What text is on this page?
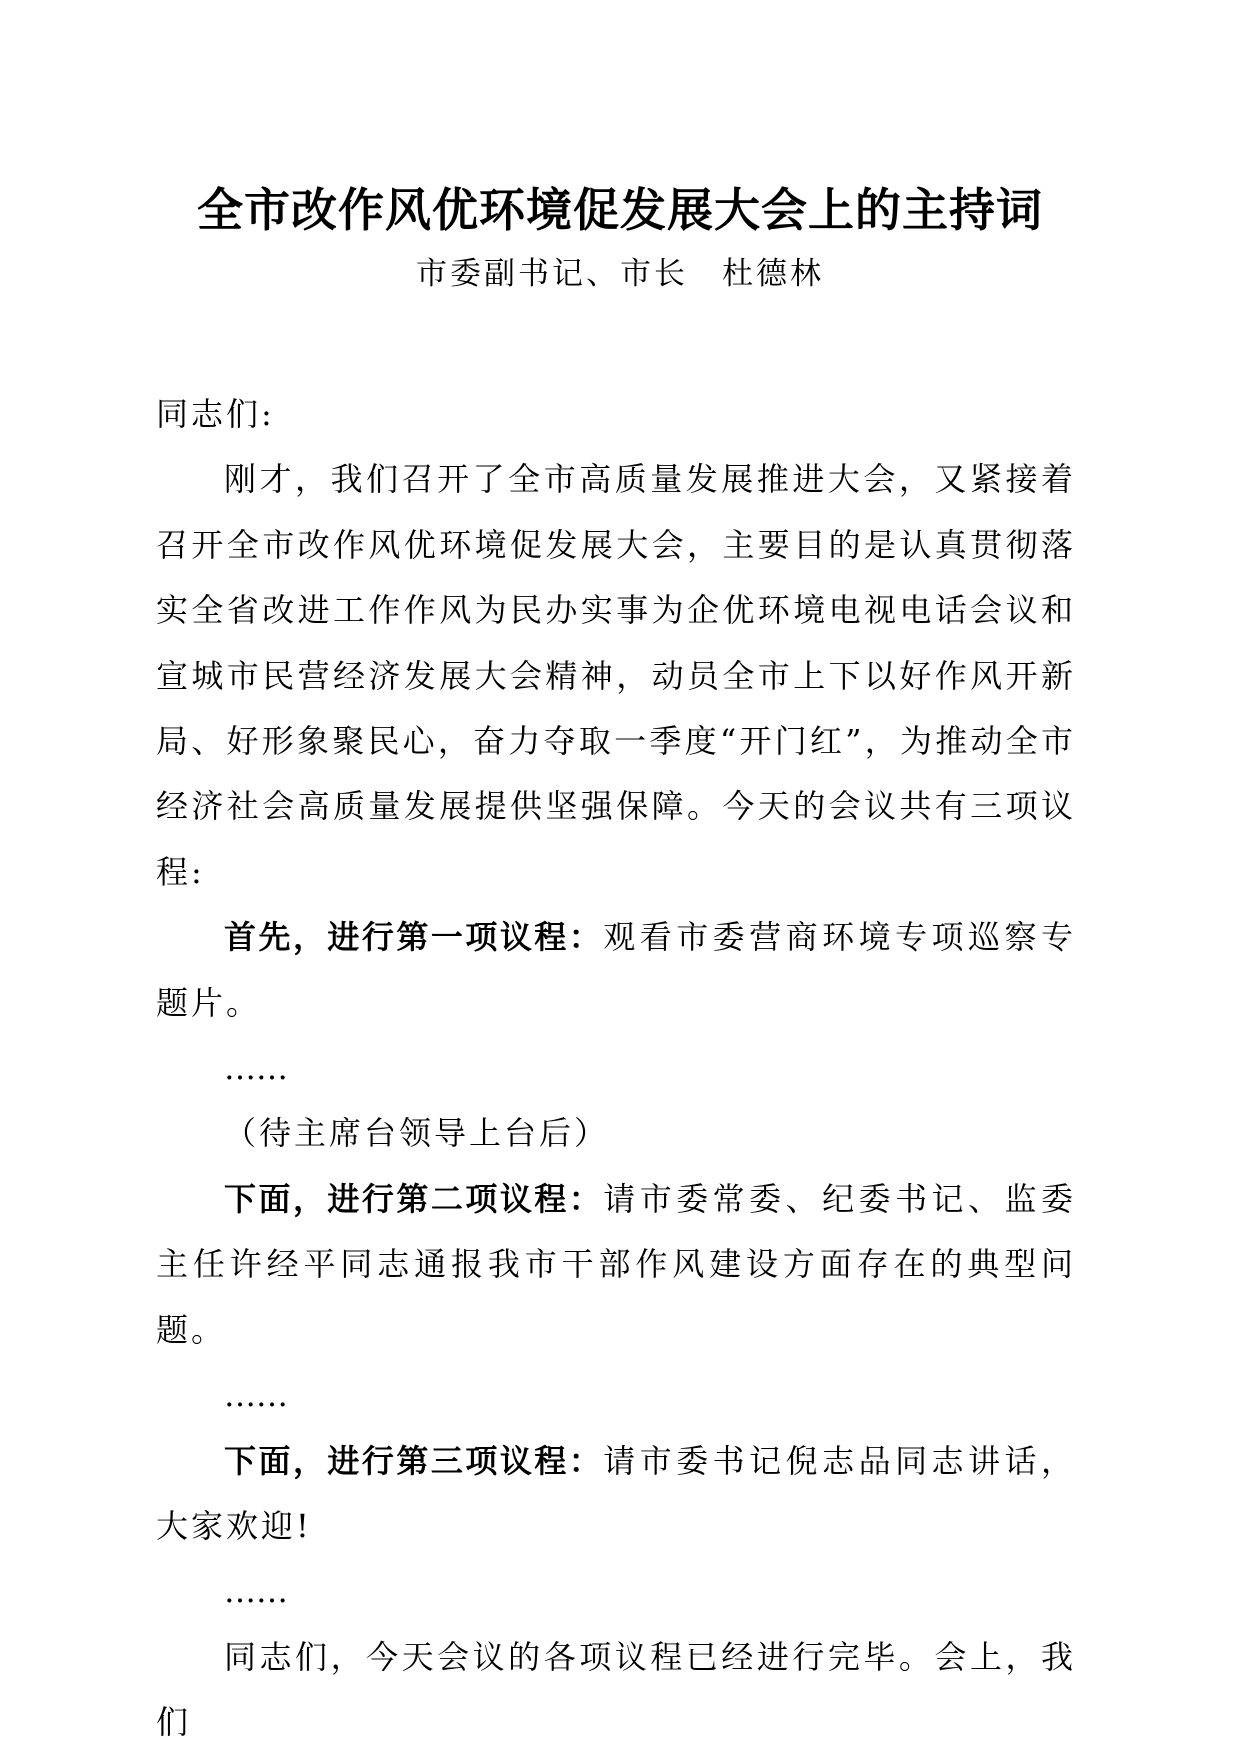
全市改作风优环境促发展大会上的主持词
市委副书记、市长 杜德林

同志们:

刚才，我们召开了全市高质量发展推进大会，又紧接着召开全市改作风优环境促发展大会，主要目的是认真贯彻落实全省改进工作作风为民办实事为企优环境电视电话会议和宣城市民营经济发展大会精神，动员全市上下以好作风开新局、好形象聚民心，奋力夺取一季度“开门红”，为推动全市经济社会高质量发展提供坚强保障。今天的会议共有三项议程:

首先，进行第一项议程：观看市委营商环境专项巡察专题片。

……

（待主席台领导上台后）

下面，进行第二项议程：请市委常委、纪委书记、监委主任许经平同志通报我市干部作风建设方面存在的典型问题。

……

下面，进行第三项议程：请市委书记倪志品同志讲话，大家欢迎!

……

同志们，今天会议的各项议程已经进行完毕。会上，我们
